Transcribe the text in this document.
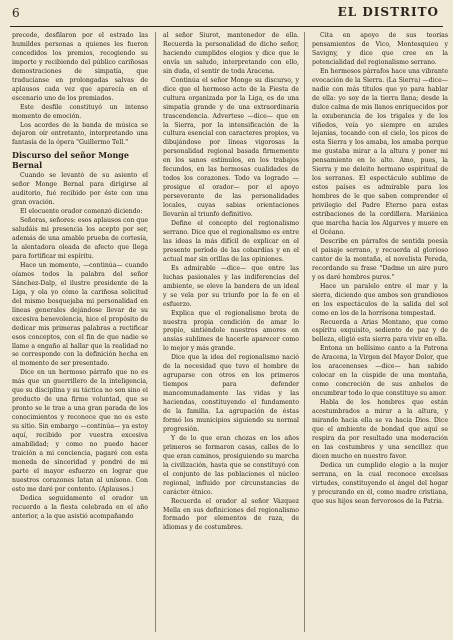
6	EL DISTRITO

precede, desfilaron por el estrado las humildes personas a quienes les fueron concedidos los premios, recogiendo su importe y recibiendo del público cariñosas demostraciones de simpatía, que traducíanse en prolongadas salvas de aplausos cada vez que aparecía en el escenario uno de los premiados.

Este desfile constituyó un intenso momento de emoción.

Los acordes de la banda de música se dejaron oír entretanto, interpretando una fantasía de la ópera "Guillermo Tell."

Discurso del señor Monge Bernal

Cuando se levantó de su asiento el señor Monge Bernal para dirigirse al auditorio, fué recibido por éste con una gran ovación.

El elocuente orador comenzó diciendo:

Señoras, señores: esos aplausos con que saludáis mi presencia los acepto por ser, además de una amable prueba de cortesía, la alentadora oleada de afecto que llega para fortificar mi espíritu.

Hace un momento, —continúa— cuando oíamos todos la palabra del señor Sánchez-Dalp, el ilustre presidente de la Liga, y ola yo cómo la cariñosa solicitud del mismo bosquejaba mi personalidad en líneas generales dejándose llevar de su excesiva benevolencia, hice el propósito de dedicar mis primeras palabras a rectificar esos conceptos, con el fin de que nadie se llame a engaño al hallar que la realidad no se corresponde con la definición hecha en el momento de ser presentado.

Dice en un hermoso párrafo que no es más que un guerrillero de la inteligencia, que su disciplina y su táctica no son sino el producto de una firme voluntad, que se pronto se le trae a una gran parada de los conocimientos y reconoce que no es este su sitio. Sin embargo —continúa— ya estoy aquí, recibido por vuestra excesiva amabilidad; y como no puedo hacer traición a mi conciencia, pagaré con esta moneda de sinceridad y pondré de mi parte el mayor esfuerzo en lograr que nuestros corazones latan al unísono. Con esto me daré por contento. (Aplausos.)

Dedica seguidamente el orador un recuerdo a la fiesta celebrada en el año anterior, a la que asistió acompañando

al señor Siurot, mantenedor de ella. Recuerda la personalidad de dicho señor, haciendo cumplidos elogios y dice que le envía un saludo, interpretando con ello, sin duda, el sentir de toda Aracena.

Continúa el señor Monge su discurso, y dice que el hermoso acto de la Fiesta de cultura organizada por la Liga, es de una simpatía grande y de una extraordinaria trascendencia. Advertese —dice— que en la Sierra, por la intensificación de la cultura esencial con caracteres propios, va dibujándose por líneas vigorosas la personalidad regional basada firmemente en los sanos estímulos, en los trabajos fecundos, en las hermosas cualidades de todos los corazones. Todo va logrado —prosigue el orador— por el apoyo perseverante de las personalidades locales, cuyas sabias orientaciones llevarán al triunfo definitivo.

Define el concepto del regionalismo serrano. Dice que el regionalismo es entre las ideas la más difícil de explicar en el presente período de las cobardías y en el actual mar sin orillas de las opiniones.

Es admirable —dice— que entre las luchas pasionales y las indiferencias del ambiente, se eleve la bandera de un ideal y se vela por su triunfo por la fe en el esfuerzo.

Explica que el regionalismo brota de nuestra propia condición de amar lo propio, sintiéndole nuestros amores en ansias sublimes de hacerle aparecer como lo mejor y más grande.

Dice que la idea del regionalismo nació de la necesidad que tuvo el hombre de agruparse con otros en los primeros tiempos para defender mancomunadamente las vidas y las haciendas, constituyendo el fundamento de la familia. La agrupación de éstas formó los municipios siguiendo su normal progresión.

Y de lo que eran chozas en los años primeros se formaron casas, calles de lo que eran caminos, prosiguiendo su marcha la civilización, hasta que se constituyó con el conjunto de las poblaciones el núcleo regional, influido por circunstancias de carácter étnico.

Recuerda el orador al señor Vázquez Mella en sus definiciones del regionalismo formado por elementos de raza, de idiomas y de costumbres.

Cita en apoyo de sus teorías pensamientos de Vico, Montesquieu y Savigny, y dice que cree en la potencialidad del regionalismo serrano.

En hermosos párrafos hace una vibrante evocación de la Sierra. (La Sierra) —dice— nadie con más títulos que yo para hablar de ella: yo soy de la tierra llana; desde la dulce calma de mis llanos enriquecidos por la exuberancia de los trigales y de los viñedos, veía yo siempre en azules lejanías, tocando con el cielo, los picos de esta Sierra y los amaba, los amaba porque me gustaba mirar a la altura y poner mi pensamiento en lo alto. Amo, pues, la Sierra y me deleito hermano espiritual de los serranos. El espectáculo sublime de estos países es admirable para los hombres de le que saben comprender el privilegio del Padre Eterno para estas estribaciones de la cordillera. Mariánica que marcha hacia los Algarves y muere en el Océano.

Describe en párrafos de sentida poesía el paisaje serrano, y recuerda al glorioso cantor de la montaña, el novelista Pereda, recordando su frase "Dadme un aire puro y os daré hombres puros."

Hace un paralelo entre el mar y la sierra, diciendo que ambos son grandiosos en los espectáculos de la salida del sol como en los de la horrísona tempestad.

Recuerda a Arias Montano, que como espíritu exquisito, sediento de paz y de belleza, eligió esta sierra para vivir en ella.

Entona un bellísimo canto a la Patrona de Aracena, la Virgen del Mayor Dolor, que los aracenenses —dice— han sabido colocar en la cúspide de una montaña, como concreción de sus anhelos de encumbrar todo lo que constituye su amor.

Habla de los hombres que están acostumbrados a mirar a la altura, y mirando hacia ella se va hacia Dios. Dice que el ambiente de bondad que aquí se respira da por resultado una moderación en las costumbres y una sencillez que dicen mucho en nuestro favor.

Dedica un cumplido elogio a la mujer serrana, en la cual reconoce excelsas virtudes, constituyendo el ángel del hogar y procurando en él, como madre cristiana, que sus hijos sean fervorosos de la Patria.
